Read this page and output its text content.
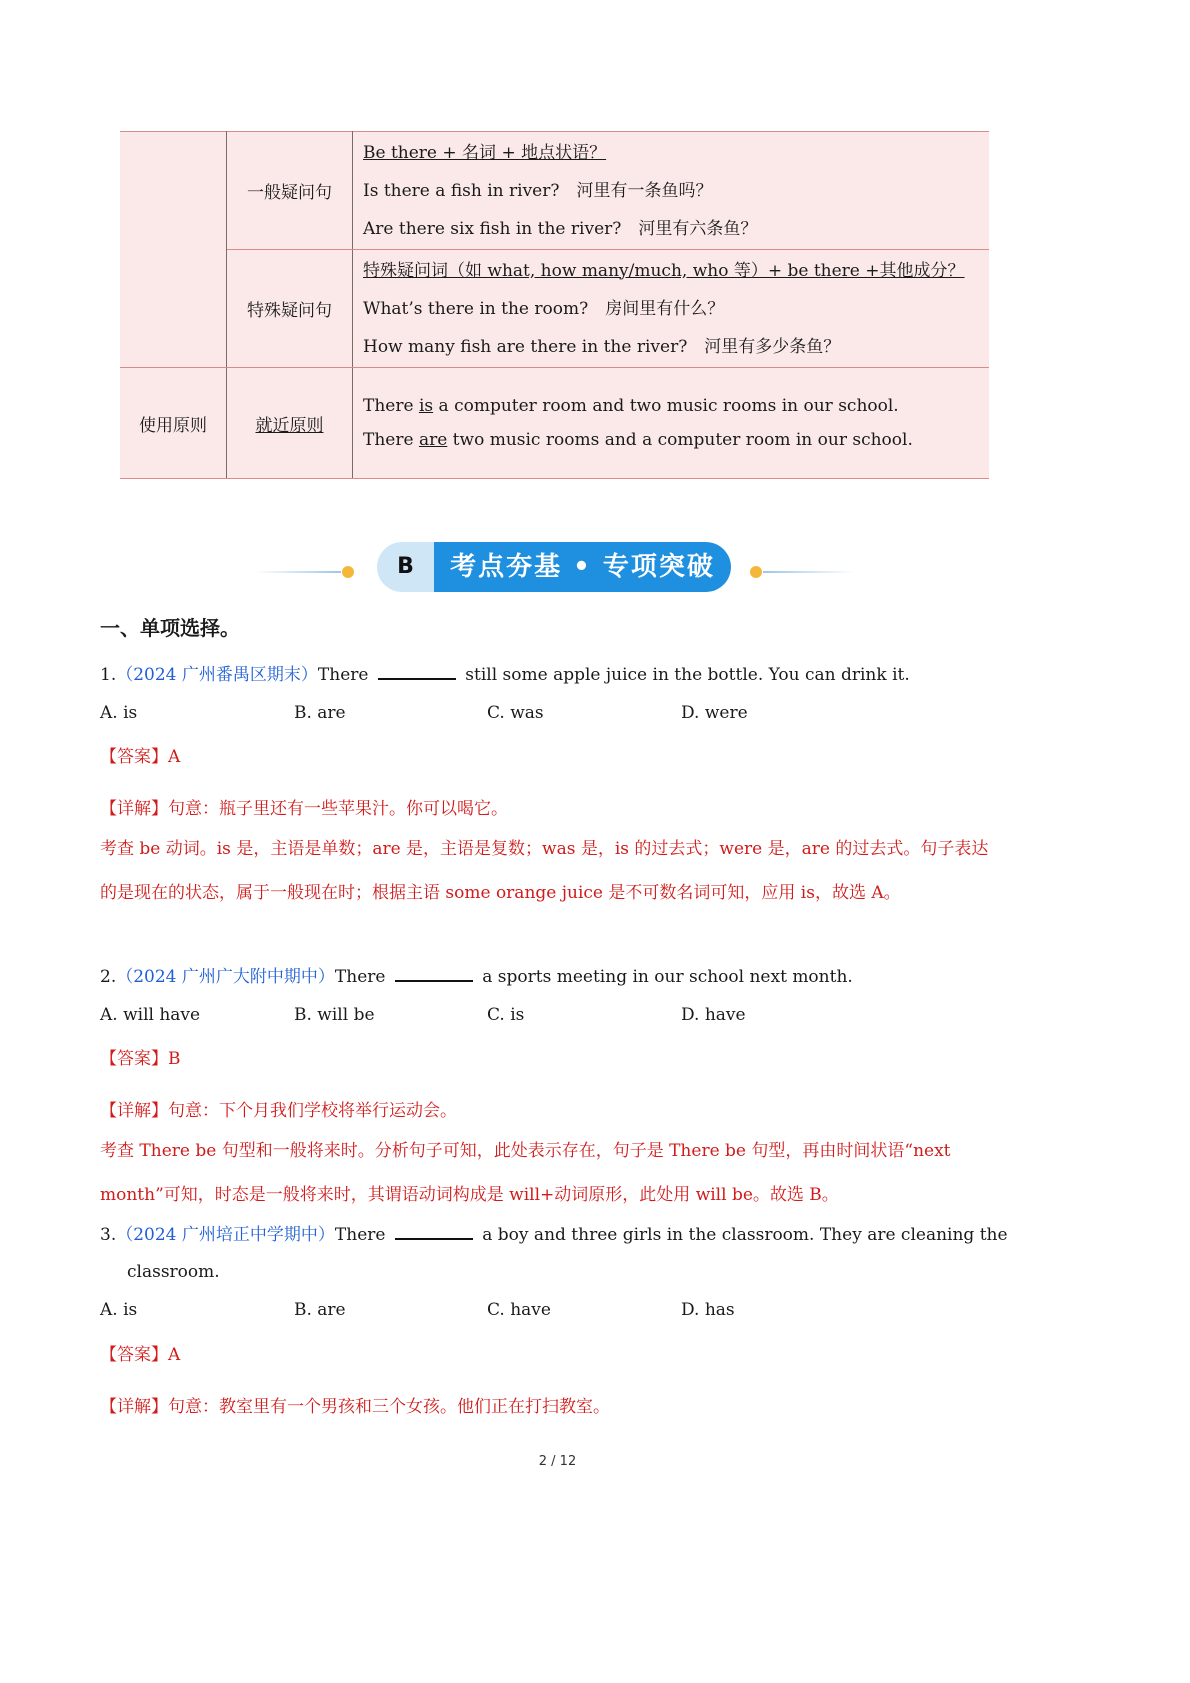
	一般疑问句	Be there + 名词 + 地点状语？
Is there a fish in river?　河里有一条鱼吗？
Are there six fish in the river?　河里有六条鱼？

	特殊疑问句	特殊疑问词（如 what, how many/much, who 等）+ be there +其他成分？
What’s there in the room?　房间里有什么？
How many fish are there in the river?　河里有多少条鱼？

使用原则	就近原则	There is a computer room and two music rooms in our school.
There are two music rooms and a computer room in our school.
B	考点夯基 • 专项突破
一、单项选择。
1.（2024 广州番禺区期末）There	still some apple juice in the bottle. You can drink it.
A. is	B. are	C. was	D. were
【答案】A
【详解】句意：瓶子里还有一些苹果汁。你可以喝它。
考查 be 动词。is 是，主语是单数；are 是，主语是复数；was 是，is 的过去式；were 是，are 的过去式。句子表达的是现在的状态，属于一般现在时；根据主语 some orange juice 是不可数名词可知，应用 is，故选 A。
2.（2024 广州广大附中期中）There	a sports meeting in our school next month.
A. will have	B. will be	C. is	D. have
【答案】B
【详解】句意：下个月我们学校将举行运动会。
考查 There be 句型和一般将来时。分析句子可知，此处表示存在，句子是 There be 句型，再由时间状语“next month”可知，时态是一般将来时，其谓语动词构成是 will+动词原形，此处用 will be。故选 B。
3.（2024 广州培正中学期中）There	a boy and three girls in the classroom. They are cleaning the
classroom.
A. is	B. are	C. have	D. has
【答案】A
【详解】句意：教室里有一个男孩和三个女孩。他们正在打扫教室。
2 / 12
